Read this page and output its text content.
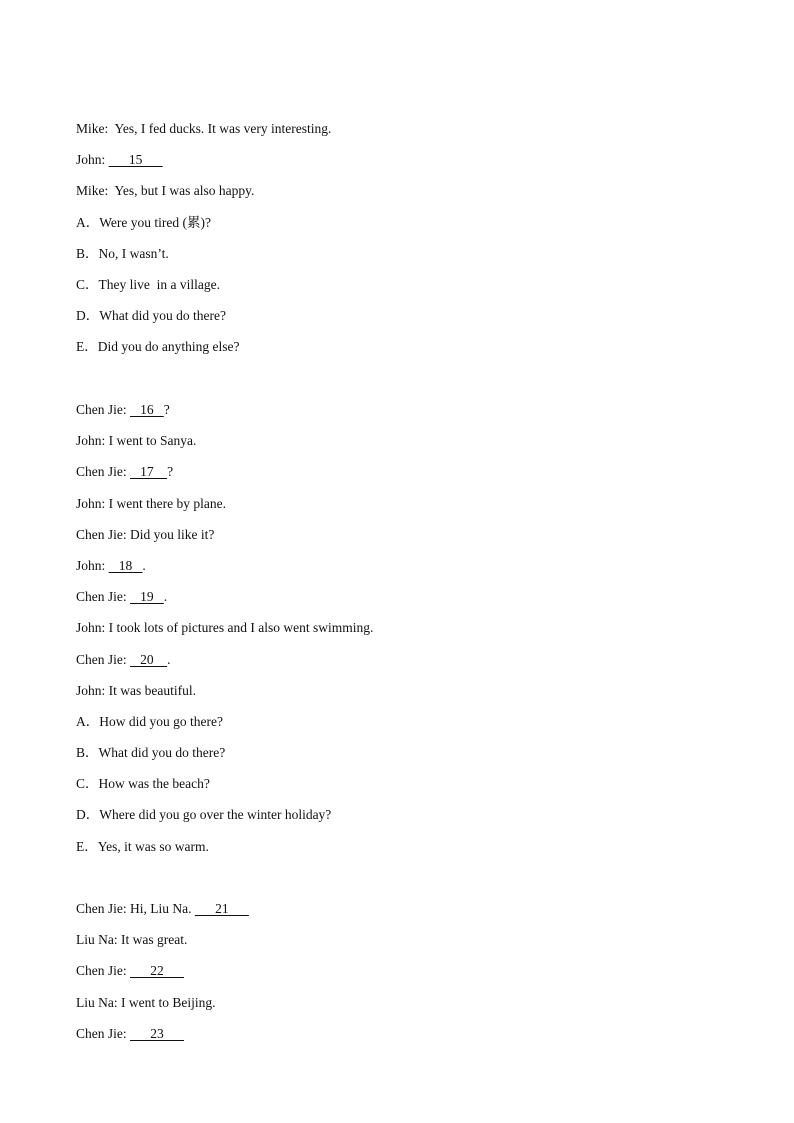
Mike:  Yes, I fed ducks. It was very interesting.
John:       15
Mike:  Yes, but I was also happy.
A．Were you tired (累)?
B．No, I wasn’t.
C．They live  in a village.
D．What did you do there?
E．Did you do anything else?
Chen Jie:    16   ?
John: I went to Sanya.
Chen Jie:    17    ?
John: I went there by plane.
Chen Jie: Did you like it?
John:    18   .
Chen Jie:    19   .
John: I took lots of pictures and I also went swimming.
Chen Jie:    20    .
John: It was beautiful.
A．How did you go there?
B．What did you do there?
C．How was the beach?
D．Where did you go over the winter holiday?
E．Yes, it was so warm.
Chen Jie: Hi, Liu Na.       21
Liu Na: It was great.
Chen Jie:       22
Liu Na: I went to Beijing.
Chen Jie:       23
